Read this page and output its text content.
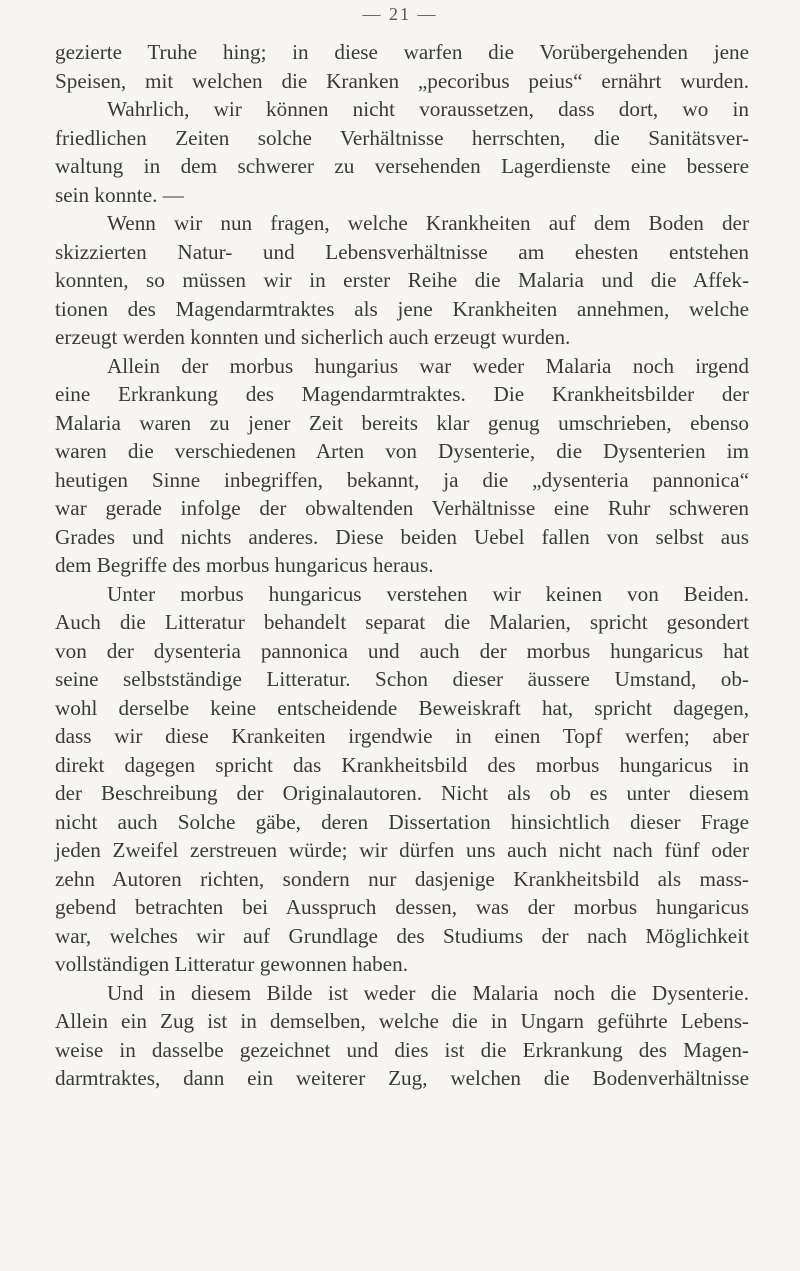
— 21 —
gezierte Truhe hing; in diese warfen die Vorübergehenden jene
Speisen, mit welchen die Kranken „pecoribus peius“ ernährt wurden.
Wahrlich, wir können nicht voraussetzen, dass dort, wo in
friedlichen Zeiten solche Verhältnisse herrschten, die Sanitätsver-
waltung in dem schwerer zu versehenden Lagerdienste eine bessere
sein konnte. —
Wenn wir nun fragen, welche Krankheiten auf dem Boden der
skizzierten Natur- und Lebensverhältnisse am ehesten entstehen
konnten, so müssen wir in erster Reihe die Malaria und die Affek-
tionen des Magendarmtraktes als jene Krankheiten annehmen, welche
erzeugt werden konnten und sicherlich auch erzeugt wurden.
Allein der morbus hungarius war weder Malaria noch irgend
eine Erkrankung des Magendarmtraktes. Die Krankheitsbilder der
Malaria waren zu jener Zeit bereits klar genug umschrieben, ebenso
waren die verschiedenen Arten von Dysenterie, die Dysenterien im
heutigen Sinne inbegriffen, bekannt, ja die „dysenteria pannonica“
war gerade infolge der obwaltenden Verhältnisse eine Ruhr schweren
Grades und nichts anderes. Diese beiden Uebel fallen von selbst aus
dem Begriffe des morbus hungaricus heraus.
Unter morbus hungaricus verstehen wir keinen von Beiden.
Auch die Litteratur behandelt separat die Malarien, spricht gesondert
von der dysenteria pannonica und auch der morbus hungaricus hat
seine selbstständige Litteratur. Schon dieser äussere Umstand, ob-
wohl derselbe keine entscheidende Beweiskraft hat, spricht dagegen,
dass wir diese Krankeiten irgendwie in einen Topf werfen; aber
direkt dagegen spricht das Krankheitsbild des morbus hungaricus in
der Beschreibung der Originalautoren. Nicht als ob es unter diesem
nicht auch Solche gäbe, deren Dissertation hinsichtlich dieser Frage
jeden Zweifel zerstreuen würde; wir dürfen uns auch nicht nach fünf oder
zehn Autoren richten, sondern nur dasjenige Krankheitsbild als mass-
gebend betrachten bei Ausspruch dessen, was der morbus hungaricus
war, welches wir auf Grundlage des Studiums der nach Möglichkeit
vollständigen Litteratur gewonnen haben.
Und in diesem Bilde ist weder die Malaria noch die Dysenterie.
Allein ein Zug ist in demselben, welche die in Ungarn geführte Lebens-
weise in dasselbe gezeichnet und dies ist die Erkrankung des Magen-
darmtraktes, dann ein weiterer Zug, welchen die Bodenverhältnisse
